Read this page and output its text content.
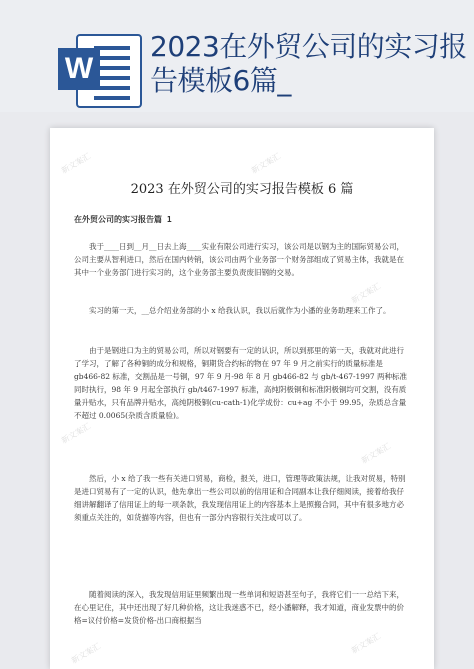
W
2023在外贸公司的实习报告模板6篇_
2023 在外贸公司的实习报告模板 6 篇
在外贸公司的实习报告篇 1

我于____日到__月__日去上海____实业有限公司进行实习，该公司是以钢为主的国际贸易公司，公司主要从智利进口，然后在国内转销，该公司由两个业务部一个财务部组成了贸易主体，我就是在其中一个业务部门进行实习的，这个业务部主要负责废旧钢的交易。

实习的第一天，__总介绍业务部的小 x 给我认识，我以后就作为小潘的业务助理来工作了。

由于是钢进口为主的贸易公司，所以对钢要有一定的认识，所以到那里的第一天，我就对此进行了学习，了解了各种铜的成分和规格，铜期货合约标的物在 97 年 9 月之前实行的质量标准是 gb466-82 标准，交割品是一号铜，97 年 9 月-98 年 8 月 gb466-82 与 gb/t-467-1997 两种标准同时执行，98 年 9 月起全部执行 gb/t467-1997 标准，高纯阴极铜和标准阴极铜均可交割，没有质量升贴水，只有品牌升贴水，高纯阴极铜(cu-cath-1)化学成份：cu+ag 不小于 99.95，杂质总含量不超过 0.0065(杂质含质量验)。

然后，小 x 给了我一些有关进口贸易，商检，报关，进口，管理等政策法规，让我对贸易，特别是进口贸易有了一定的认识，他先拿出一些公司以前的信用证和合同副本让我仔细阅读，接着给我仔细讲解翻译了信用证上的每一项条款，我发现信用证上的内容基本上是照搬合同，其中有很多地方必须重点关注的，如货描等内容，但也有一部分内容银行关注或可以了。

随着阅读的深入，我发现信用证里频繁出现一些单词和短语甚至句子，我将它们一一总结下来，在心里记住，其中还出现了好几种价格，这让我迷惑不已，经小潘解释，我才知道，商业发票中的价格=议付价格=发货价格-出口商根据当

新文案汇	新文案汇
新文案汇
新文案汇
新文案汇
新文案汇	新文案汇
